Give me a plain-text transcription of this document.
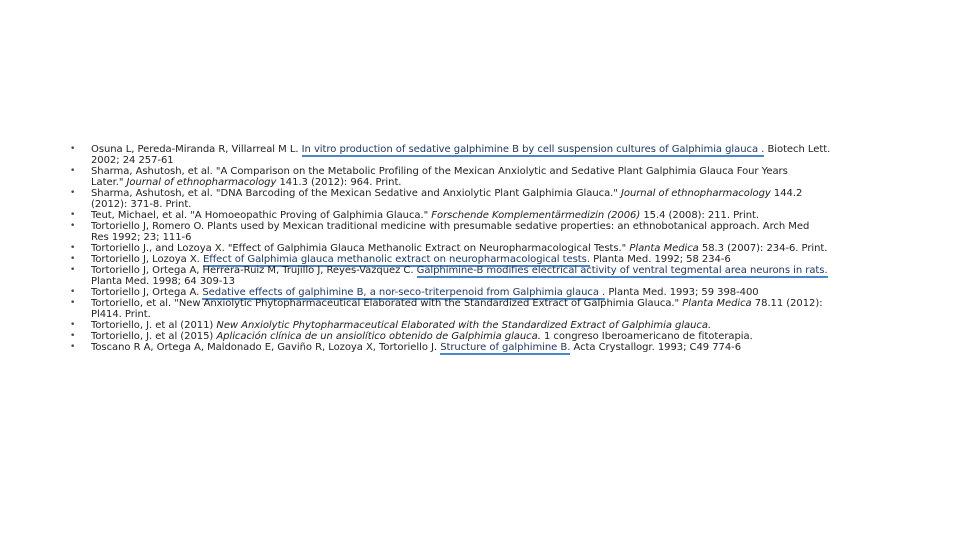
• Osuna L, Pereda-Miranda R, Villarreal M L. In vitro production of sedative galphimine B by cell suspension cultures of Galphimia glauca . Biotech Lett.
2002; 24 257-61
• Sharma, Ashutosh, et al. "A Comparison on the Metabolic Profiling of the Mexican Anxiolytic and Sedative Plant Galphimia Glauca Four Years
Later." Journal of ethnopharmacology 141.3 (2012): 964. Print.
• Sharma, Ashutosh, et al. "DNA Barcoding of the Mexican Sedative and Anxiolytic Plant Galphimia Glauca." Journal of ethnopharmacology 144.2
(2012): 371-8. Print.
• Teut, Michael, et al. "A Homoeopathic Proving of Galphimia Glauca." Forschende Komplementärmedizin (2006) 15.4 (2008): 211. Print.
• Tortoriello J, Romero O. Plants used by Mexican traditional medicine with presumable sedative properties: an ethnobotanical approach. Arch Med
Res 1992; 23; 111-6
• Tortoriello J., and Lozoya X. "Effect of Galphimia Glauca Methanolic Extract on Neuropharmacological Tests." Planta Medica 58.3 (2007): 234-6. Print.
• Tortoriello J, Lozoya X. Effect of Galphimia glauca methanolic extract on neuropharmacological tests. Planta Med. 1992; 58 234-6
• Tortoriello J, Ortega A, Herrera-Ruiz M, Trujillo J, Reyes-Vazquez C. Galphimine-B modifies electrical activity of ventral tegmental area neurons in rats.
Planta Med. 1998; 64 309-13
• Tortoriello J, Ortega A. Sedative effects of galphimine B, a nor-seco-triterpenoid from Galphimia glauca . Planta Med. 1993; 59 398-400
• Tortoriello, et al. "New Anxiolytic Phytopharmaceutical Elaborated with the Standardized Extract of Galphimia Glauca." Planta Medica 78.11 (2012):
Pl414. Print.
• Tortoriello, J. et al (2011) New Anxiolytic Phytopharmaceutical Elaborated with the Standardized Extract of Galphimia glauca.
• Tortoriello, J. et al (2015) Aplicación clínica de un ansiolítico obtenido de Galphimia glauca. 1 congreso Iberoamericano de fitoterapia.
• Toscano R A, Ortega A, Maldonado E, Gaviño R, Lozoya X, Tortoriello J. Structure of galphimine B. Acta Crystallogr. 1993; C49 774-6
